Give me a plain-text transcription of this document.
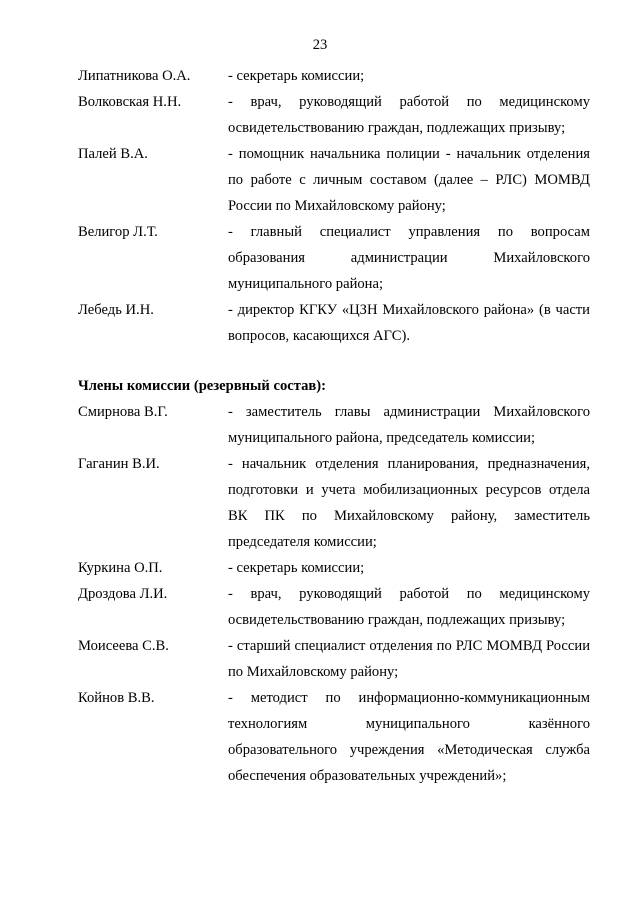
23
Липатникова О.А.	- секретарь комиссии;
Волковская Н.Н.	- врач, руководящий работой по медицинскому освидетельствованию граждан, подлежащих призыву;
Палей В.А.	- помощник начальника полиции - начальник отделения по работе с личным составом (далее – РЛС) МОМВД России по Михайловскому району;
Велигор Л.Т.	- главный специалист управления по вопросам образования администрации Михайловского муниципального района;
Лебедь И.Н.	- директор КГКУ «ЦЗН Михайловского района» (в части вопросов, касающихся АГС).
Члены комиссии (резервный состав):
Смирнова В.Г.	- заместитель главы администрации Михайловского муниципального района, председатель комиссии;
Гаганин В.И.	- начальник отделения планирования, предназначения, подготовки и учета мобилизационных ресурсов отдела ВК ПК по Михайловскому району, заместитель председателя комиссии;
Куркина О.П.	- секретарь комиссии;
Дроздова Л.И.	- врач, руководящий работой по медицинскому освидетельствованию граждан, подлежащих призыву;
Моисеева С.В.	- старший специалист отделения по РЛС МОМВД России по Михайловскому району;
Койнов В.В.	- методист по информационно-коммуникационным технологиям муниципального казённого образовательного учреждения «Методическая служба обеспечения образовательных учреждений»;
